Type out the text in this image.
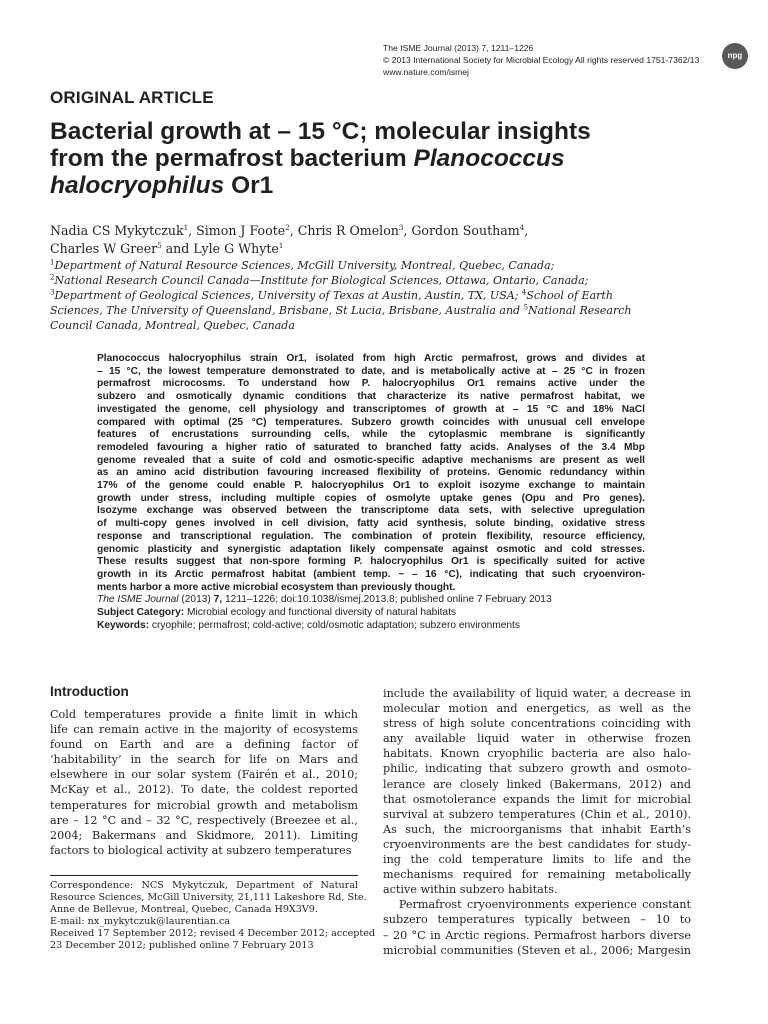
The ISME Journal (2013) 7, 1211–1226
© 2013 International Society for Microbial Ecology All rights reserved 1751-7362/13
www.nature.com/ismej
npg
ORIGINAL ARTICLE
Bacterial growth at – 15 °C; molecular insights
from the permafrost bacterium Planococcus
halocryophilus Or1
Nadia CS Mykytczuk$^1$, Simon J Foote$^2$, Chris R Omelon$^3$, Gordon Southam$^4$,
Charles W Greer$^5$ and Lyle G Whyte$^1$
$^1$Department of Natural Resource Sciences, McGill University, Montreal, Quebec, Canada;
$^2$National Research Council Canada—Institute for Biological Sciences, Ottawa, Ontario, Canada;
$^3$Department of Geological Sciences, University of Texas at Austin, Austin, TX, USA; $^4$School of Earth
Sciences, The University of Queensland, Brisbane, St Lucia, Brisbane, Australia and $^5$National Research
Council Canada, Montreal, Quebec, Canada
Planococcus halocryophilus strain Or1, isolated from high Arctic permafrost, grows and divides at
– 15 °C, the lowest temperature demonstrated to date, and is metabolically active at – 25 °C in frozen
permafrost microcosms. To understand how P. halocryophilus Or1 remains active under the
subzero and osmotically dynamic conditions that characterize its native permafrost habitat, we
investigated the genome, cell physiology and transcriptomes of growth at – 15 °C and 18% NaCl
compared with optimal (25 °C) temperatures. Subzero growth coincides with unusual cell envelope
features of encrustations surrounding cells, while the cytoplasmic membrane is significantly
remodeled favouring a higher ratio of saturated to branched fatty acids. Analyses of the 3.4 Mbp
genome revealed that a suite of cold and osmotic-specific adaptive mechanisms are present as well
as an amino acid distribution favouring increased flexibility of proteins. Genomic redundancy within
17% of the genome could enable P. halocryophilus Or1 to exploit isozyme exchange to maintain
growth under stress, including multiple copies of osmolyte uptake genes (Opu and Pro genes).
Isozyme exchange was observed between the transcriptome data sets, with selective upregulation
of multi-copy genes involved in cell division, fatty acid synthesis, solute binding, oxidative stress
response and transcriptional regulation. The combination of protein flexibility, resource efficiency,
genomic plasticity and synergistic adaptation likely compensate against osmotic and cold stresses.
These results suggest that non-spore forming P. halocryophilus Or1 is specifically suited for active
growth in its Arctic permafrost habitat (ambient temp. ~ – 16 °C), indicating that such cryoenviron-
ments harbor a more active microbial ecosystem than previously thought.
The ISME Journal (2013) 7, 1211–1226; doi:10.1038/ismej.2013.8; published online 7 February 2013
Subject Category: Microbial ecology and functional diversity of natural habitats
Keywords: cryophile; permafrost; cold-active; cold/osmotic adaptation; subzero environments
Introduction
Cold temperatures provide a finite limit in which
life can remain active in the majority of ecosystems
found on Earth and are a defining factor of
‘habitability’ in the search for life on Mars and
elsewhere in our solar system (Fairén et al., 2010;
McKay et al., 2012). To date, the coldest reported
temperatures for microbial growth and metabolism
are – 12 °C and – 32 °C, respectively (Breezee et al.,
2004; Bakermans and Skidmore, 2011). Limiting
factors to biological activity at subzero temperatures
Correspondence: NCS Mykytczuk, Department of Natural
Resource Sciences, McGill University, 21,111 Lakeshore Rd, Ste.
Anne de Bellevue, Montreal, Quebec, Canada H9X3V9.
E-mail: nx_mykytczuk@laurentian.ca
Received 17 September 2012; revised 4 December 2012; accepted
23 December 2012; published online 7 February 2013
include the availability of liquid water, a decrease in
molecular motion and energetics, as well as the
stress of high solute concentrations coinciding with
any available liquid water in otherwise frozen
habitats. Known cryophilic bacteria are also halo-
philic, indicating that subzero growth and osmoto-
lerance are closely linked (Bakermans, 2012) and
that osmotolerance expands the limit for microbial
survival at subzero temperatures (Chin et al., 2010).
As such, the microorganisms that inhabit Earth’s
cryoenvironments are the best candidates for study-
ing the cold temperature limits to life and the
mechanisms required for remaining metabolically
active within subzero habitats.
Permafrost cryoenvironments experience constant
subzero temperatures typically between – 10 to
– 20 °C in Arctic regions. Permafrost harbors diverse
microbial communities (Steven et al., 2006; Margesin
